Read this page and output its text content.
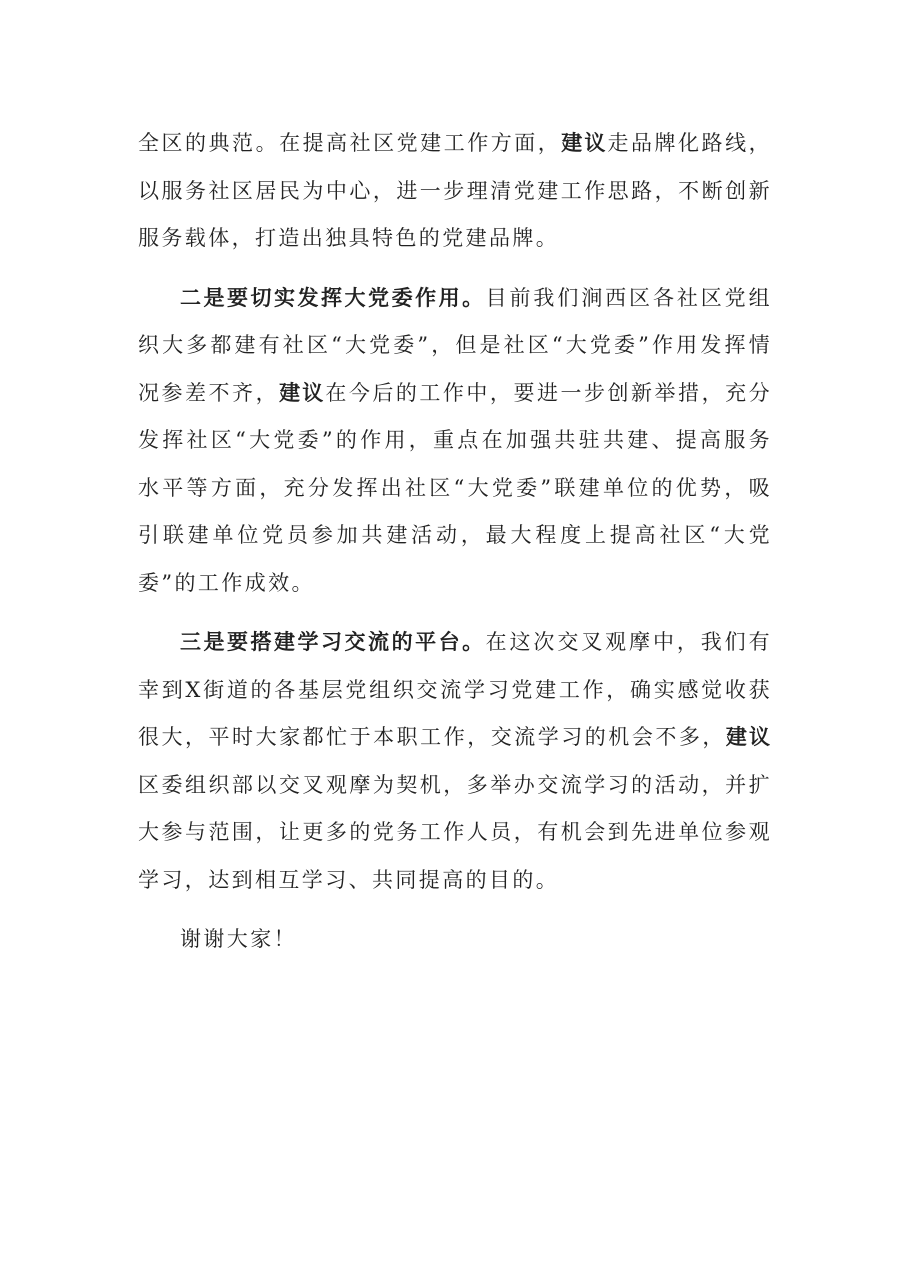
全区的典范。在提高社区党建工作方面，建议走品牌化路线，以服务社区居民为中心，进一步理清党建工作思路，不断创新服务载体，打造出独具特色的党建品牌。

二是要切实发挥大党委作用。目前我们涧西区各社区党组织大多都建有社区“大党委”，但是社区“大党委”作用发挥情况参差不齐，建议在今后的工作中，要进一步创新举措，充分发挥社区“大党委”的作用，重点在加强共驻共建、提高服务水平等方面，充分发挥出社区“大党委”联建单位的优势，吸引联建单位党员参加共建活动，最大程度上提高社区“大党委”的工作成效。

三是要搭建学习交流的平台。在这次交叉观摩中，我们有幸到X街道的各基层党组织交流学习党建工作，确实感觉收获很大，平时大家都忙于本职工作，交流学习的机会不多，建议区委组织部以交叉观摩为契机，多举办交流学习的活动，并扩大参与范围，让更多的党务工作人员，有机会到先进单位参观学习，达到相互学习、共同提高的目的。

谢谢大家！
